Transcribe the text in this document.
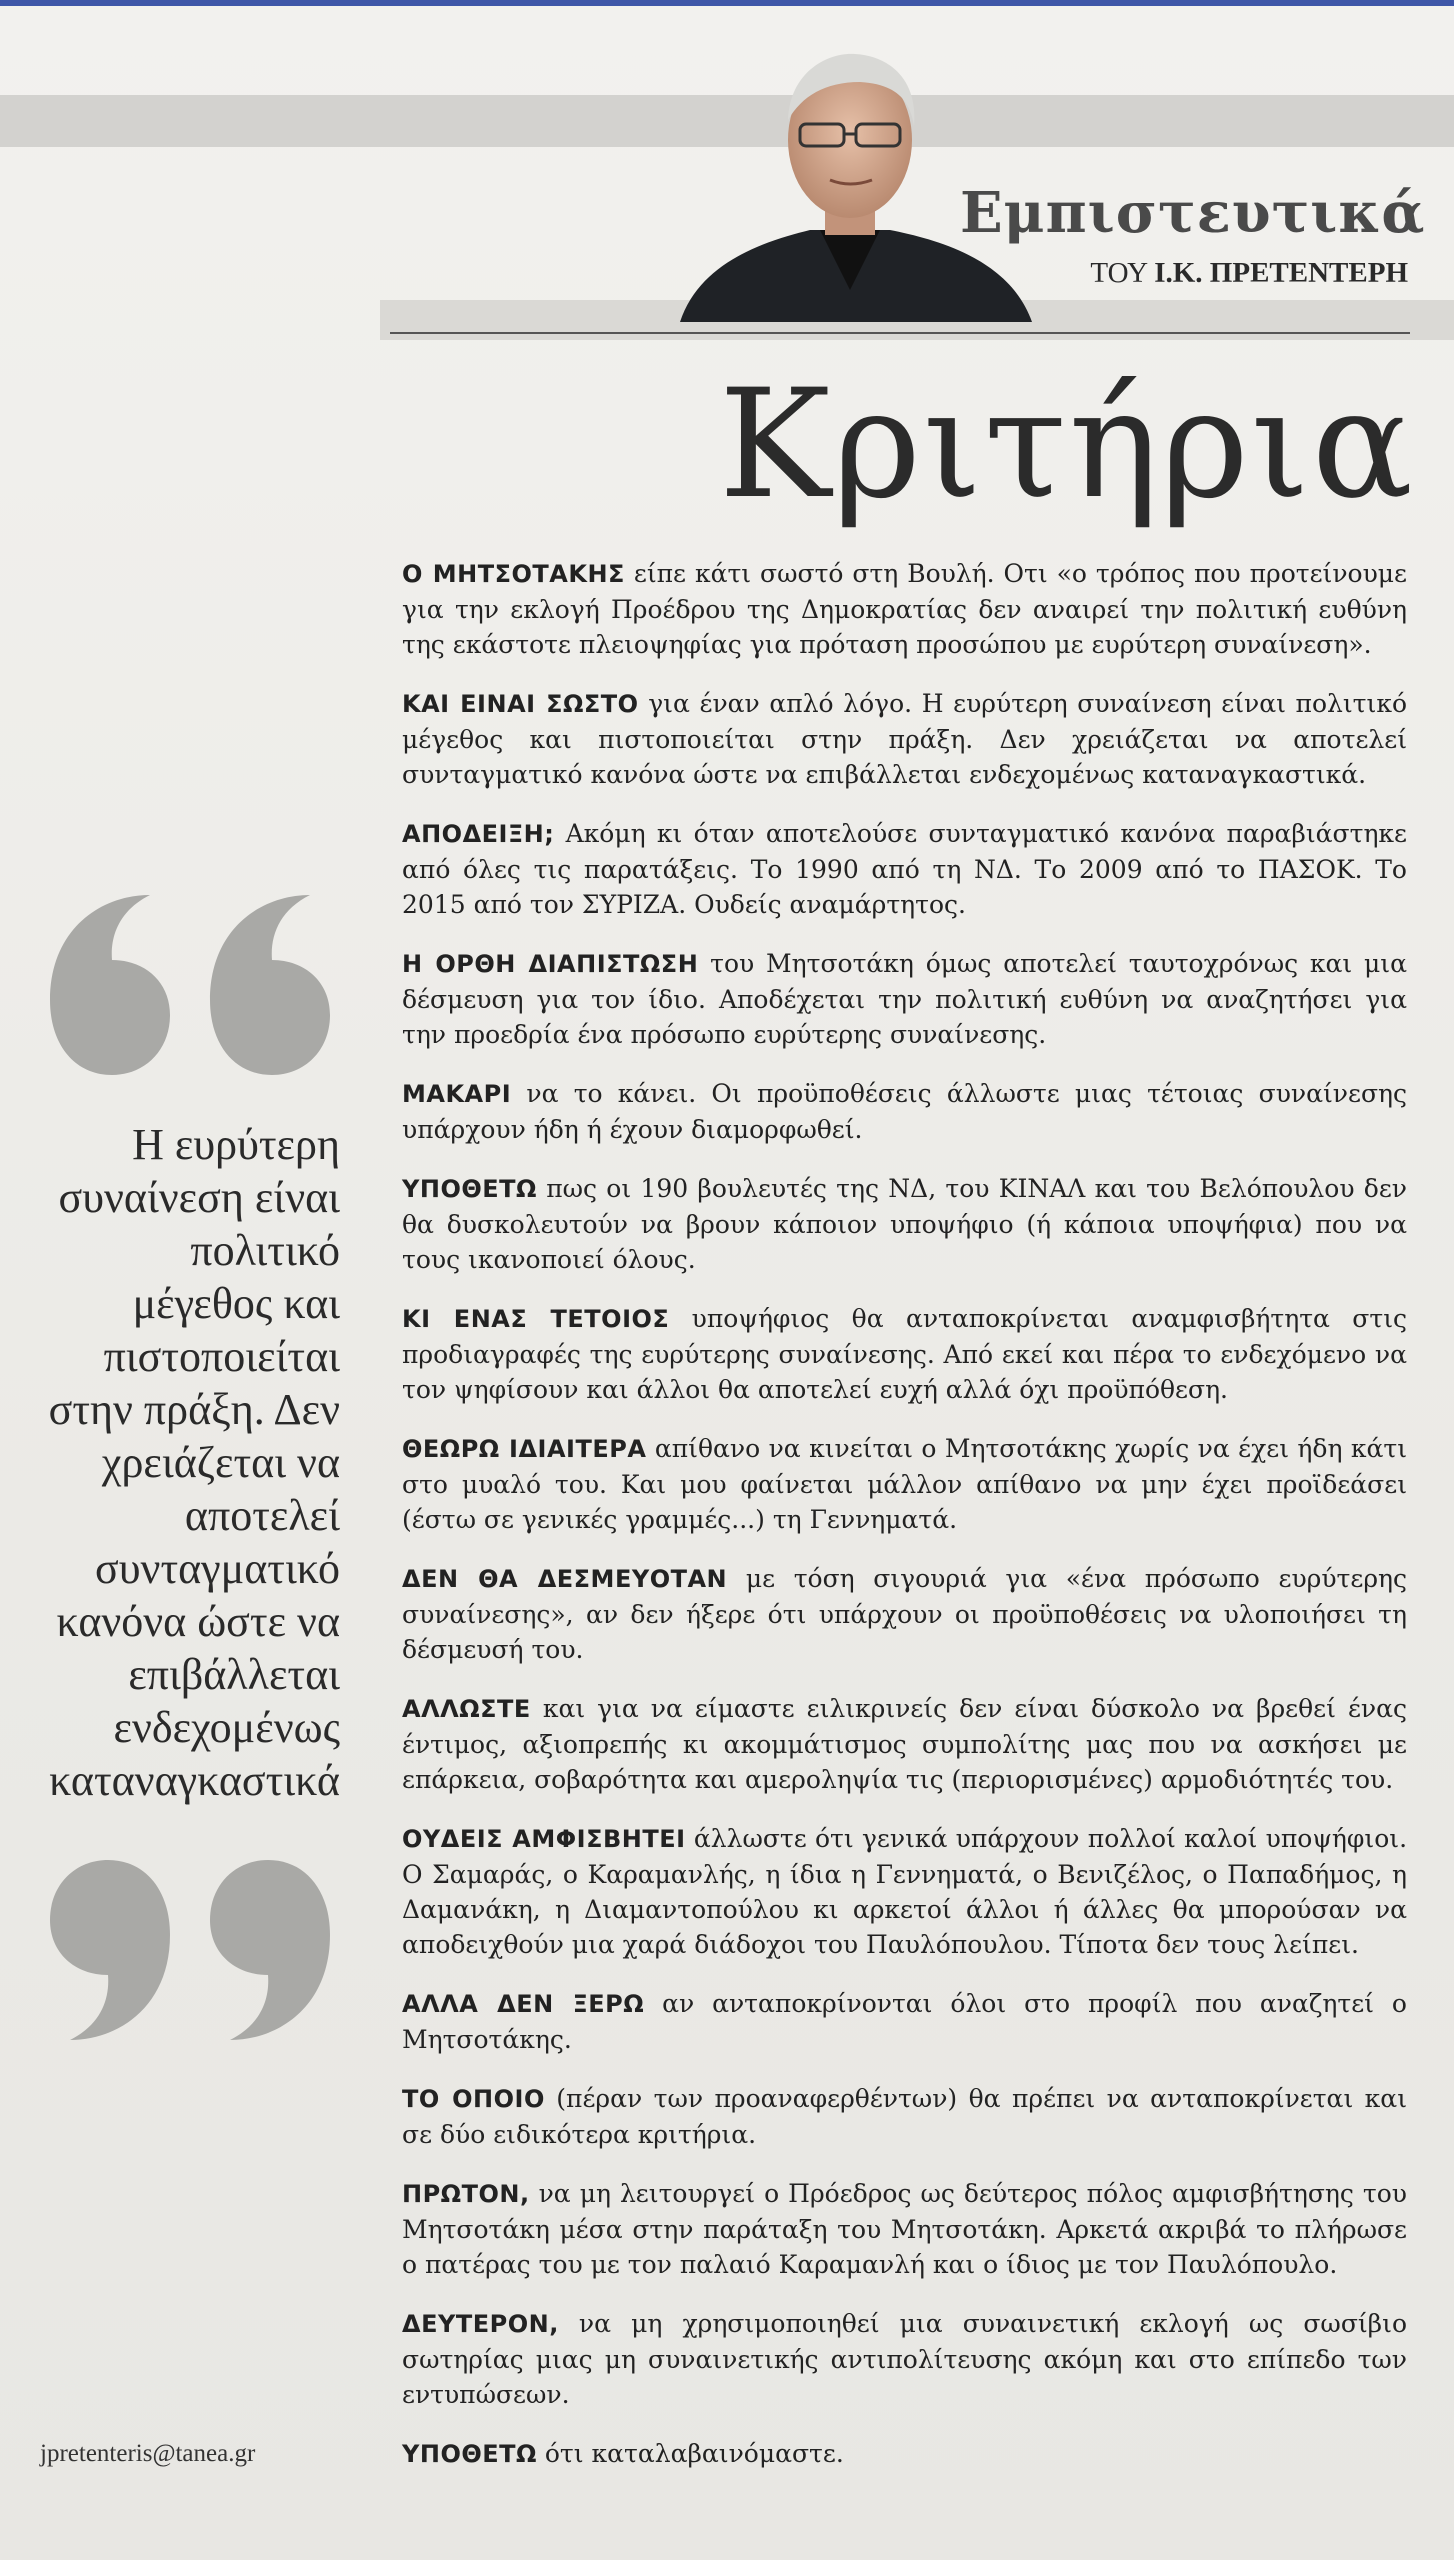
Εμπιστευτικά
ΤΟΥ Ι.Κ. ΠΡΕΤΕΝΤΕΡΗ
Κριτήρια
Η ευρύτερη συναίνεση είναι πολιτικό μέγεθος και πιστοποιείται στην πράξη. Δεν χρειάζεται να αποτελεί συνταγματικό κανόνα ώστε να επιβάλλεται ενδεχομένως καταναγκαστικά
jpretenteris@tanea.gr

Ο ΜΗΤΣΟΤΑΚΗΣ είπε κάτι σωστό στη Βουλή. Οτι «ο τρόπος που προτείνουμε για την εκλογή Προέδρου της Δημοκρατίας δεν αναιρεί την πολιτική ευθύνη της εκάστοτε πλειοψηφίας για πρόταση προσώπου με ευρύτερη συναίνεση».

ΚΑΙ ΕΙΝΑΙ ΣΩΣΤΟ για έναν απλό λόγο. Η ευρύτερη συναίνεση είναι πολιτικό μέγεθος και πιστοποιείται στην πράξη. Δεν χρειάζεται να αποτελεί συνταγματικό κανόνα ώστε να επιβάλλεται ενδεχομένως καταναγκαστικά.

ΑΠΟΔΕΙΞΗ; Ακόμη κι όταν αποτελούσε συνταγματικό κανόνα παραβιάστηκε από όλες τις παρατάξεις. Το 1990 από τη ΝΔ. Το 2009 από το ΠΑΣΟΚ. Το 2015 από τον ΣΥΡΙΖΑ. Ουδείς αναμάρτητος.

Η ΟΡΘΗ ΔΙΑΠΙΣΤΩΣΗ του Μητσοτάκη όμως αποτελεί ταυτοχρόνως και μια δέσμευση για τον ίδιο. Αποδέχεται την πολιτική ευθύνη να αναζητήσει για την προεδρία ένα πρόσωπο ευρύτερης συναίνεσης.

ΜΑΚΑΡΙ να το κάνει. Οι προϋποθέσεις άλλωστε μιας τέτοιας συναίνεσης υπάρχουν ήδη ή έχουν διαμορφωθεί.

ΥΠΟΘΕΤΩ πως οι 190 βουλευτές της ΝΔ, του ΚΙΝΑΛ και του Βελόπουλου δεν θα δυσκολευτούν να βρουν κάποιον υποψήφιο (ή κάποια υποψήφια) που να τους ικανοποιεί όλους.

ΚΙ ΕΝΑΣ ΤΕΤΟΙΟΣ υποψήφιος θα ανταποκρίνεται αναμφισβήτητα στις προδιαγραφές της ευρύτερης συναίνεσης. Από εκεί και πέρα το ενδεχόμενο να τον ψηφίσουν και άλλοι θα αποτελεί ευχή αλλά όχι προϋπόθεση.

ΘΕΩΡΩ ΙΔΙΑΙΤΕΡΑ απίθανο να κινείται ο Μητσοτάκης χωρίς να έχει ήδη κάτι στο μυαλό του. Και μου φαίνεται μάλλον απίθανο να μην έχει προϊδεάσει (έστω σε γενικές γραμμές...) τη Γεννηματά.

ΔΕΝ ΘΑ ΔΕΣΜΕΥΟΤΑΝ με τόση σιγουριά για «ένα πρόσωπο ευρύτερης συναίνεσης», αν δεν ήξερε ότι υπάρχουν οι προϋποθέσεις να υλοποιήσει τη δέσμευσή του.

ΑΛΛΩΣΤΕ και για να είμαστε ειλικρινείς δεν είναι δύσκολο να βρεθεί ένας έντιμος, αξιοπρεπής κι ακομμάτισμος συμπολίτης μας που να ασκήσει με επάρκεια, σοβαρότητα και αμεροληψία τις (περιορισμένες) αρμοδιότητές του.

ΟΥΔΕΙΣ ΑΜΦΙΣΒΗΤΕΙ άλλωστε ότι γενικά υπάρχουν πολλοί καλοί υποψήφιοι. Ο Σαμαράς, ο Καραμανλής, η ίδια η Γεννηματά, ο Βενιζέλος, ο Παπαδήμος, η Δαμανάκη, η Διαμαντοπούλου κι αρκετοί άλλοι ή άλλες θα μπορούσαν να αποδειχθούν μια χαρά διάδοχοι του Παυλόπουλου. Τίποτα δεν τους λείπει.

ΑΛΛΑ ΔΕΝ ΞΕΡΩ αν ανταποκρίνονται όλοι στο προφίλ που αναζητεί ο Μητσοτάκης.

ΤΟ ΟΠΟΙΟ (πέραν των προαναφερθέντων) θα πρέπει να ανταποκρίνεται και σε δύο ειδικότερα κριτήρια.

ΠΡΩΤΟΝ, να μη λειτουργεί ο Πρόεδρος ως δεύτερος πόλος αμφισβήτησης του Μητσοτάκη μέσα στην παράταξη του Μητσοτάκη. Αρκετά ακριβά το πλήρωσε ο πατέρας του με τον παλαιό Καραμανλή και ο ίδιος με τον Παυλόπουλο.

ΔΕΥΤΕΡΟΝ, να μη χρησιμοποιηθεί μια συναινετική εκλογή ως σωσίβιο σωτηρίας μιας μη συναινετικής αντιπολίτευσης ακόμη και στο επίπεδο των εντυπώσεων.

ΥΠΟΘΕΤΩ ότι καταλαβαινόμαστε.
